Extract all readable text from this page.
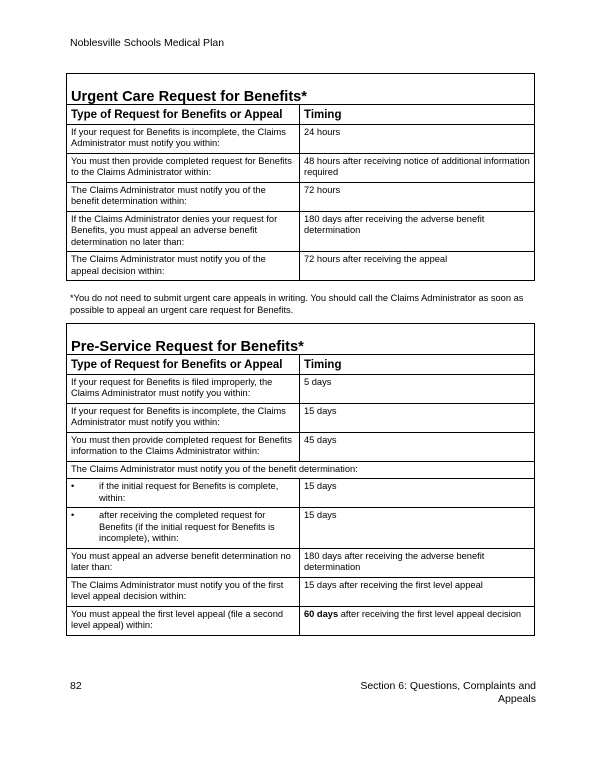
Noblesville Schools Medical Plan
Urgent Care Request for Benefits*	
Type of Request for Benefits or Appeal	Timing
If your request for Benefits is incomplete, the Claims Administrator must notify you within:	24 hours
You must then provide completed request for Benefits to the Claims Administrator within:	48 hours after receiving notice of additional information required
The Claims Administrator must notify you of the benefit determination within:	72 hours
If the Claims Administrator denies your request for Benefits, you must appeal an adverse benefit determination no later than:	180 days after receiving the adverse benefit determination
The Claims Administrator must notify you of the appeal decision within:	72 hours after receiving the appeal
*You do not need to submit urgent care appeals in writing. You should call the Claims Administrator as soon as possible to appeal an urgent care request for Benefits.
Pre-Service Request for Benefits*	
Type of Request for Benefits or Appeal	Timing
If your request for Benefits is filed improperly, the Claims Administrator must notify you within:	5 days
If your request for Benefits is incomplete, the Claims Administrator must notify you within:	15 days
You must then provide completed request for Benefits information to the Claims Administrator within:	45 days
The Claims Administrator must notify you of the benefit determination:	

• if the initial request for Benefits is complete, within:	15 days

• after receiving the completed request for Benefits (if the initial request for Benefits is incomplete), within:	15 days
You must appeal an adverse benefit determination no later than:	180 days after receiving the adverse benefit determination
The Claims Administrator must notify you of the first level appeal decision within:	15 days after receiving the first level appeal
You must appeal the first level appeal (file a second level appeal) within:	60 days after receiving the first level appeal decision
82	Section 6: Questions, Complaints and Appeals
